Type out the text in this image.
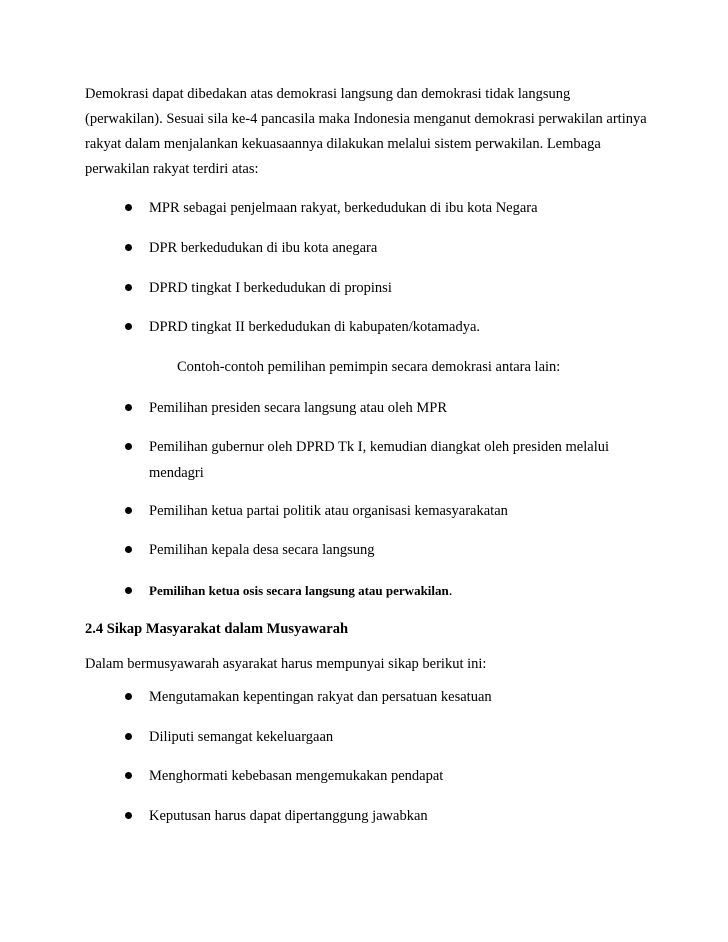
Demokrasi dapat dibedakan atas demokrasi langsung dan demokrasi tidak langsung
(perwakilan). Sesuai sila ke-4 pancasila maka Indonesia menganut demokrasi perwakilan artinya
rakyat dalam menjalankan kekuasaannya dilakukan melalui sistem perwakilan. Lembaga
perwakilan rakyat terdiri atas:
MPR sebagai penjelmaan rakyat, berkedudukan di ibu kota Negara
DPR berkedudukan di ibu kota anegara
DPRD tingkat I berkedudukan di propinsi
DPRD tingkat II berkedudukan di kabupaten/kotamadya.
Contoh-contoh pemilihan pemimpin secara demokrasi antara lain:
Pemilihan presiden secara langsung atau oleh MPR
Pemilihan gubernur oleh DPRD Tk I, kemudian diangkat oleh presiden melalui
mendagri
Pemilihan ketua partai politik atau organisasi kemasyarakatan
Pemilihan kepala desa secara langsung
Pemilihan ketua osis secara langsung atau perwakilan.
2.4 Sikap Masyarakat dalam Musyawarah
Dalam bermusyawarah asyarakat harus mempunyai sikap berikut ini:
Mengutamakan kepentingan rakyat dan persatuan kesatuan
Diliputi semangat kekeluargaan
Menghormati kebebasan mengemukakan pendapat
Keputusan harus dapat dipertanggung jawabkan
